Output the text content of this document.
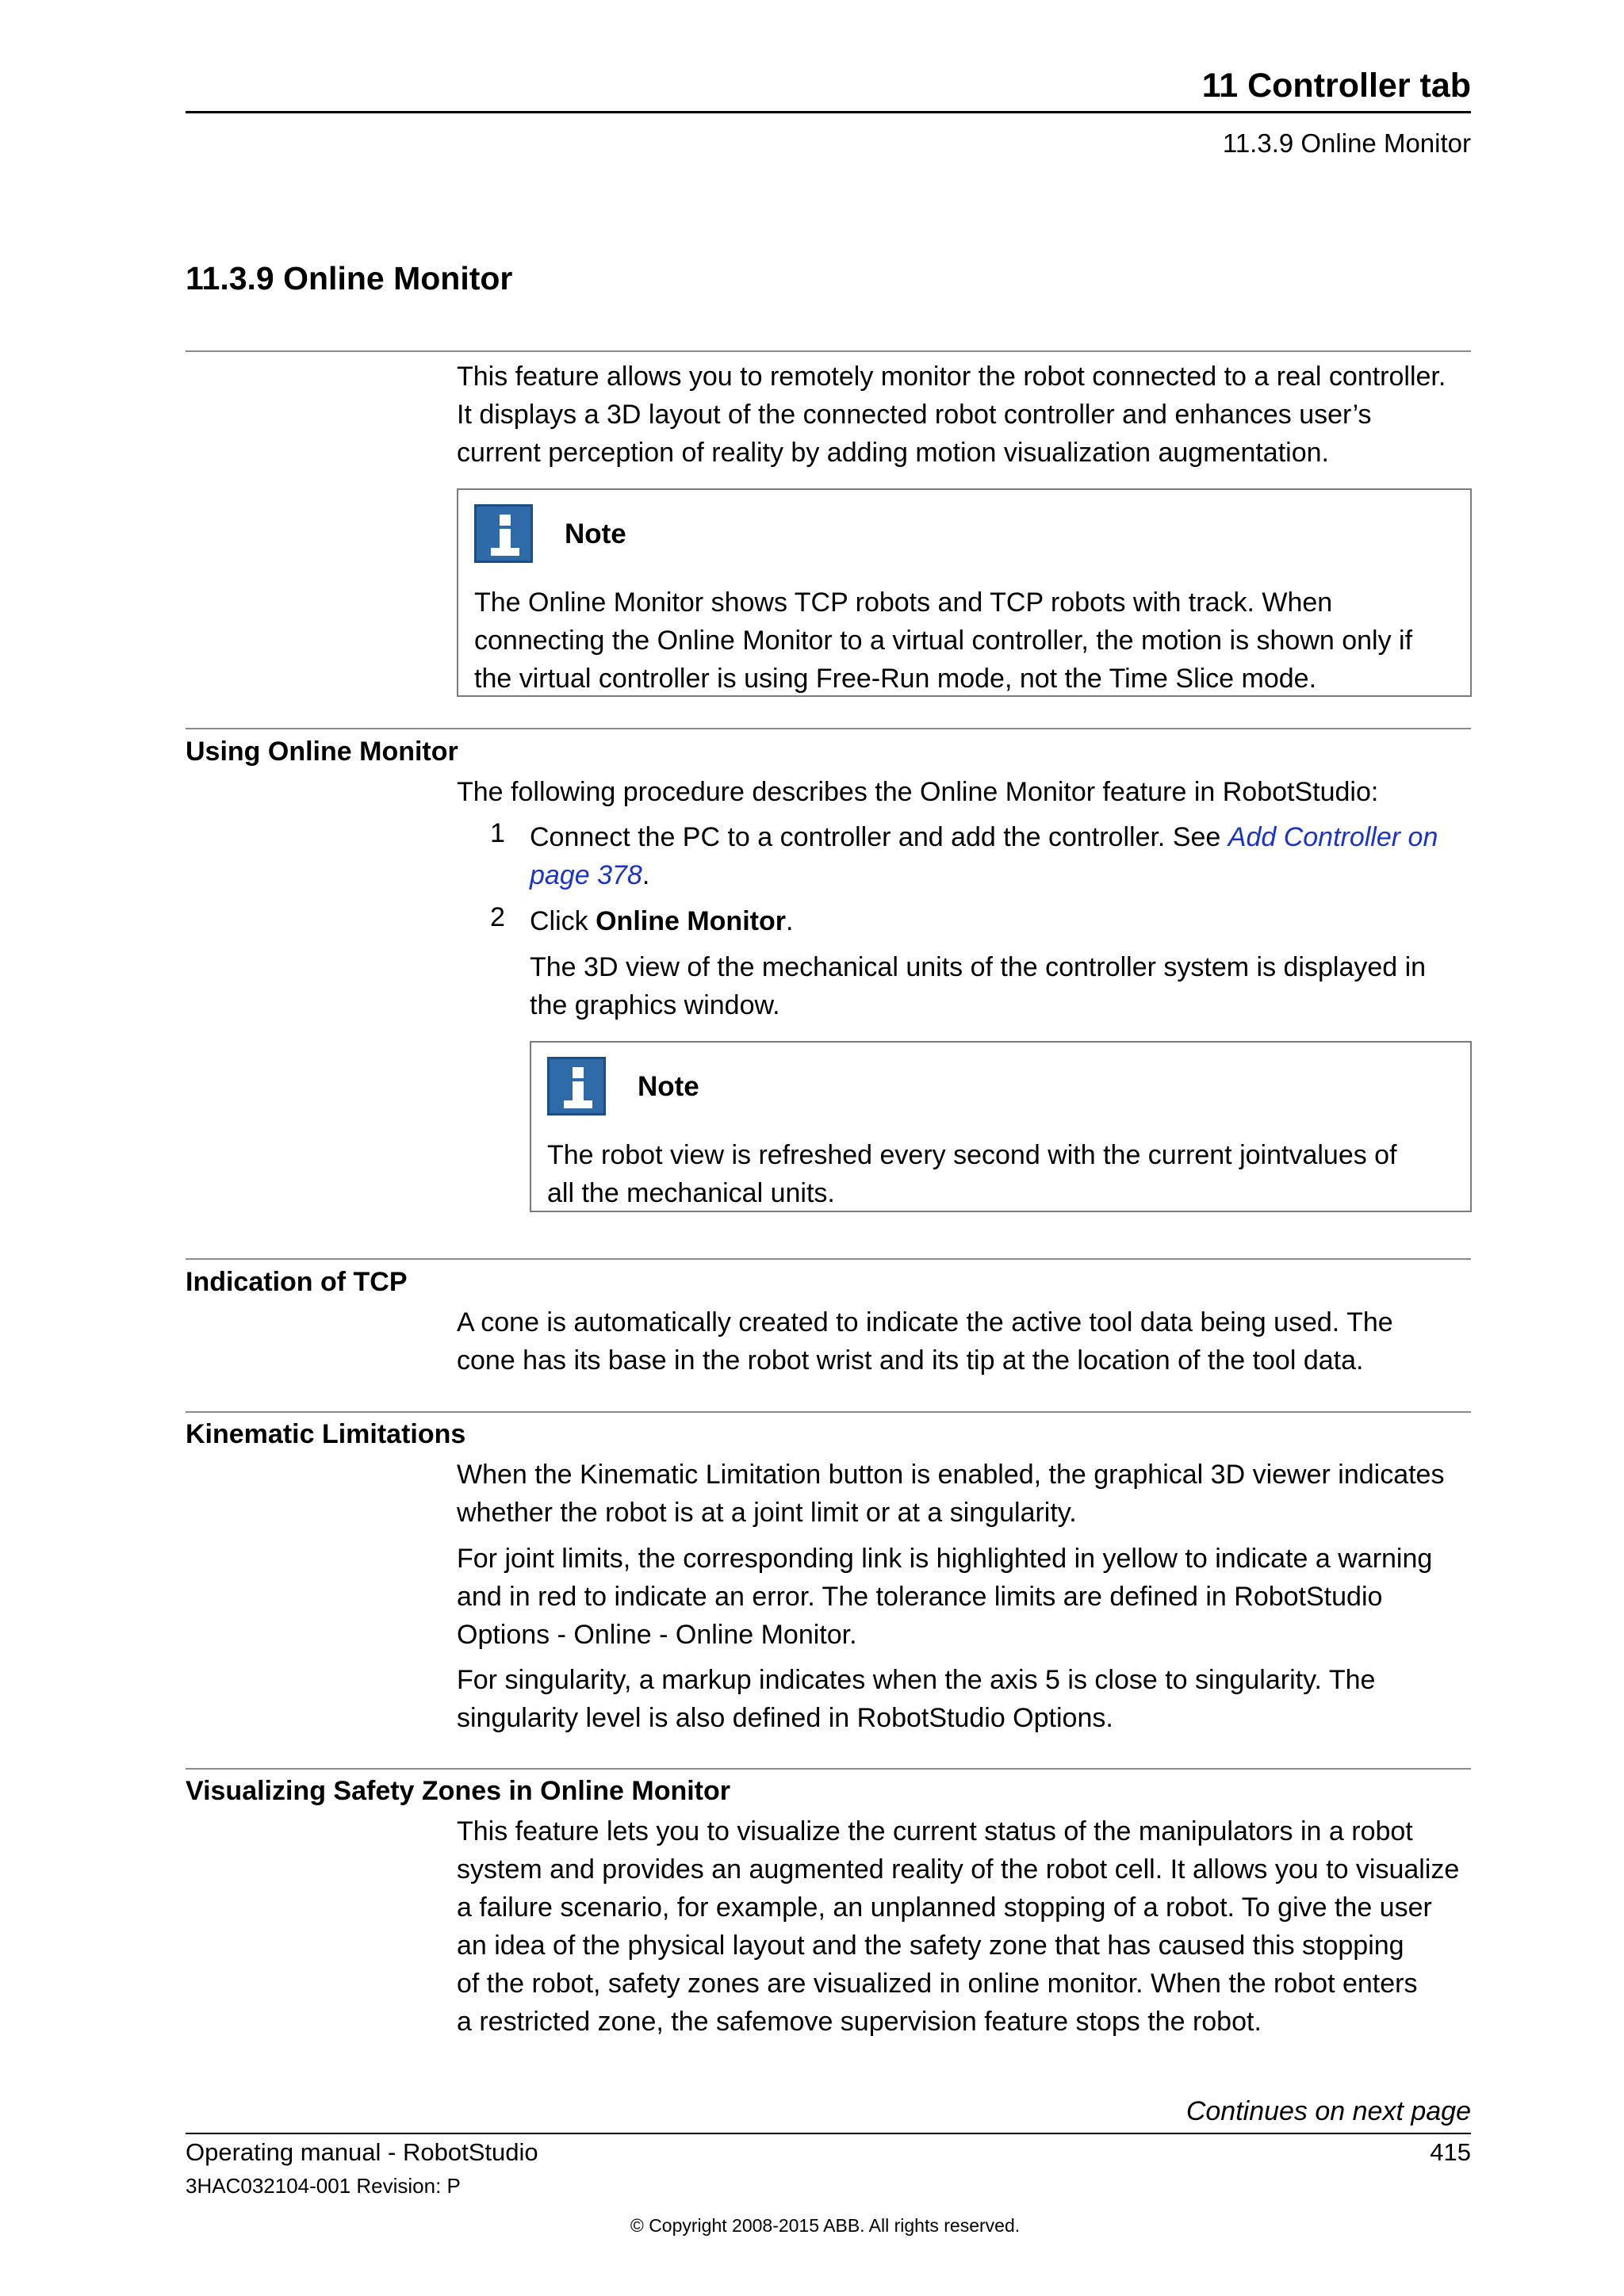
11 Controller tab
11.3.9 Online Monitor
11.3.9 Online Monitor
This feature allows you to remotely monitor the robot connected to a real controller.
It displays a 3D layout of the connected robot controller and enhances user’s
current perception of reality by adding motion visualization augmentation.
Note
The Online Monitor shows TCP robots and TCP robots with track. When
connecting the Online Monitor to a virtual controller, the motion is shown only if
the virtual controller is using Free-Run mode, not the Time Slice mode.
Using Online Monitor
The following procedure describes the Online Monitor feature in RobotStudio:
1 Connect the PC to a controller and add the controller. See Add Controller on
page 378.
2 Click Online Monitor.
The 3D view of the mechanical units of the controller system is displayed in
the graphics window.
Note
The robot view is refreshed every second with the current jointvalues of
all the mechanical units.
Indication of TCP
A cone is automatically created to indicate the active tool data being used. The
cone has its base in the robot wrist and its tip at the location of the tool data.
Kinematic Limitations
When the Kinematic Limitation button is enabled, the graphical 3D viewer indicates
whether the robot is at a joint limit or at a singularity.
For joint limits, the corresponding link is highlighted in yellow to indicate a warning
and in red to indicate an error. The tolerance limits are defined in RobotStudio
Options - Online - Online Monitor.
For singularity, a markup indicates when the axis 5 is close to singularity. The
singularity level is also defined in RobotStudio Options.
Visualizing Safety Zones in Online Monitor
This feature lets you to visualize the current status of the manipulators in a robot
system and provides an augmented reality of the robot cell. It allows you to visualize
a failure scenario, for example, an unplanned stopping of a robot. To give the user
an idea of the physical layout and the safety zone that has caused this stopping
of the robot, safety zones are visualized in online monitor. When the robot enters
a restricted zone, the safemove supervision feature stops the robot.
Continues on next page
Operating manual - RobotStudio	415
3HAC032104-001 Revision: P
© Copyright 2008-2015 ABB. All rights reserved.
